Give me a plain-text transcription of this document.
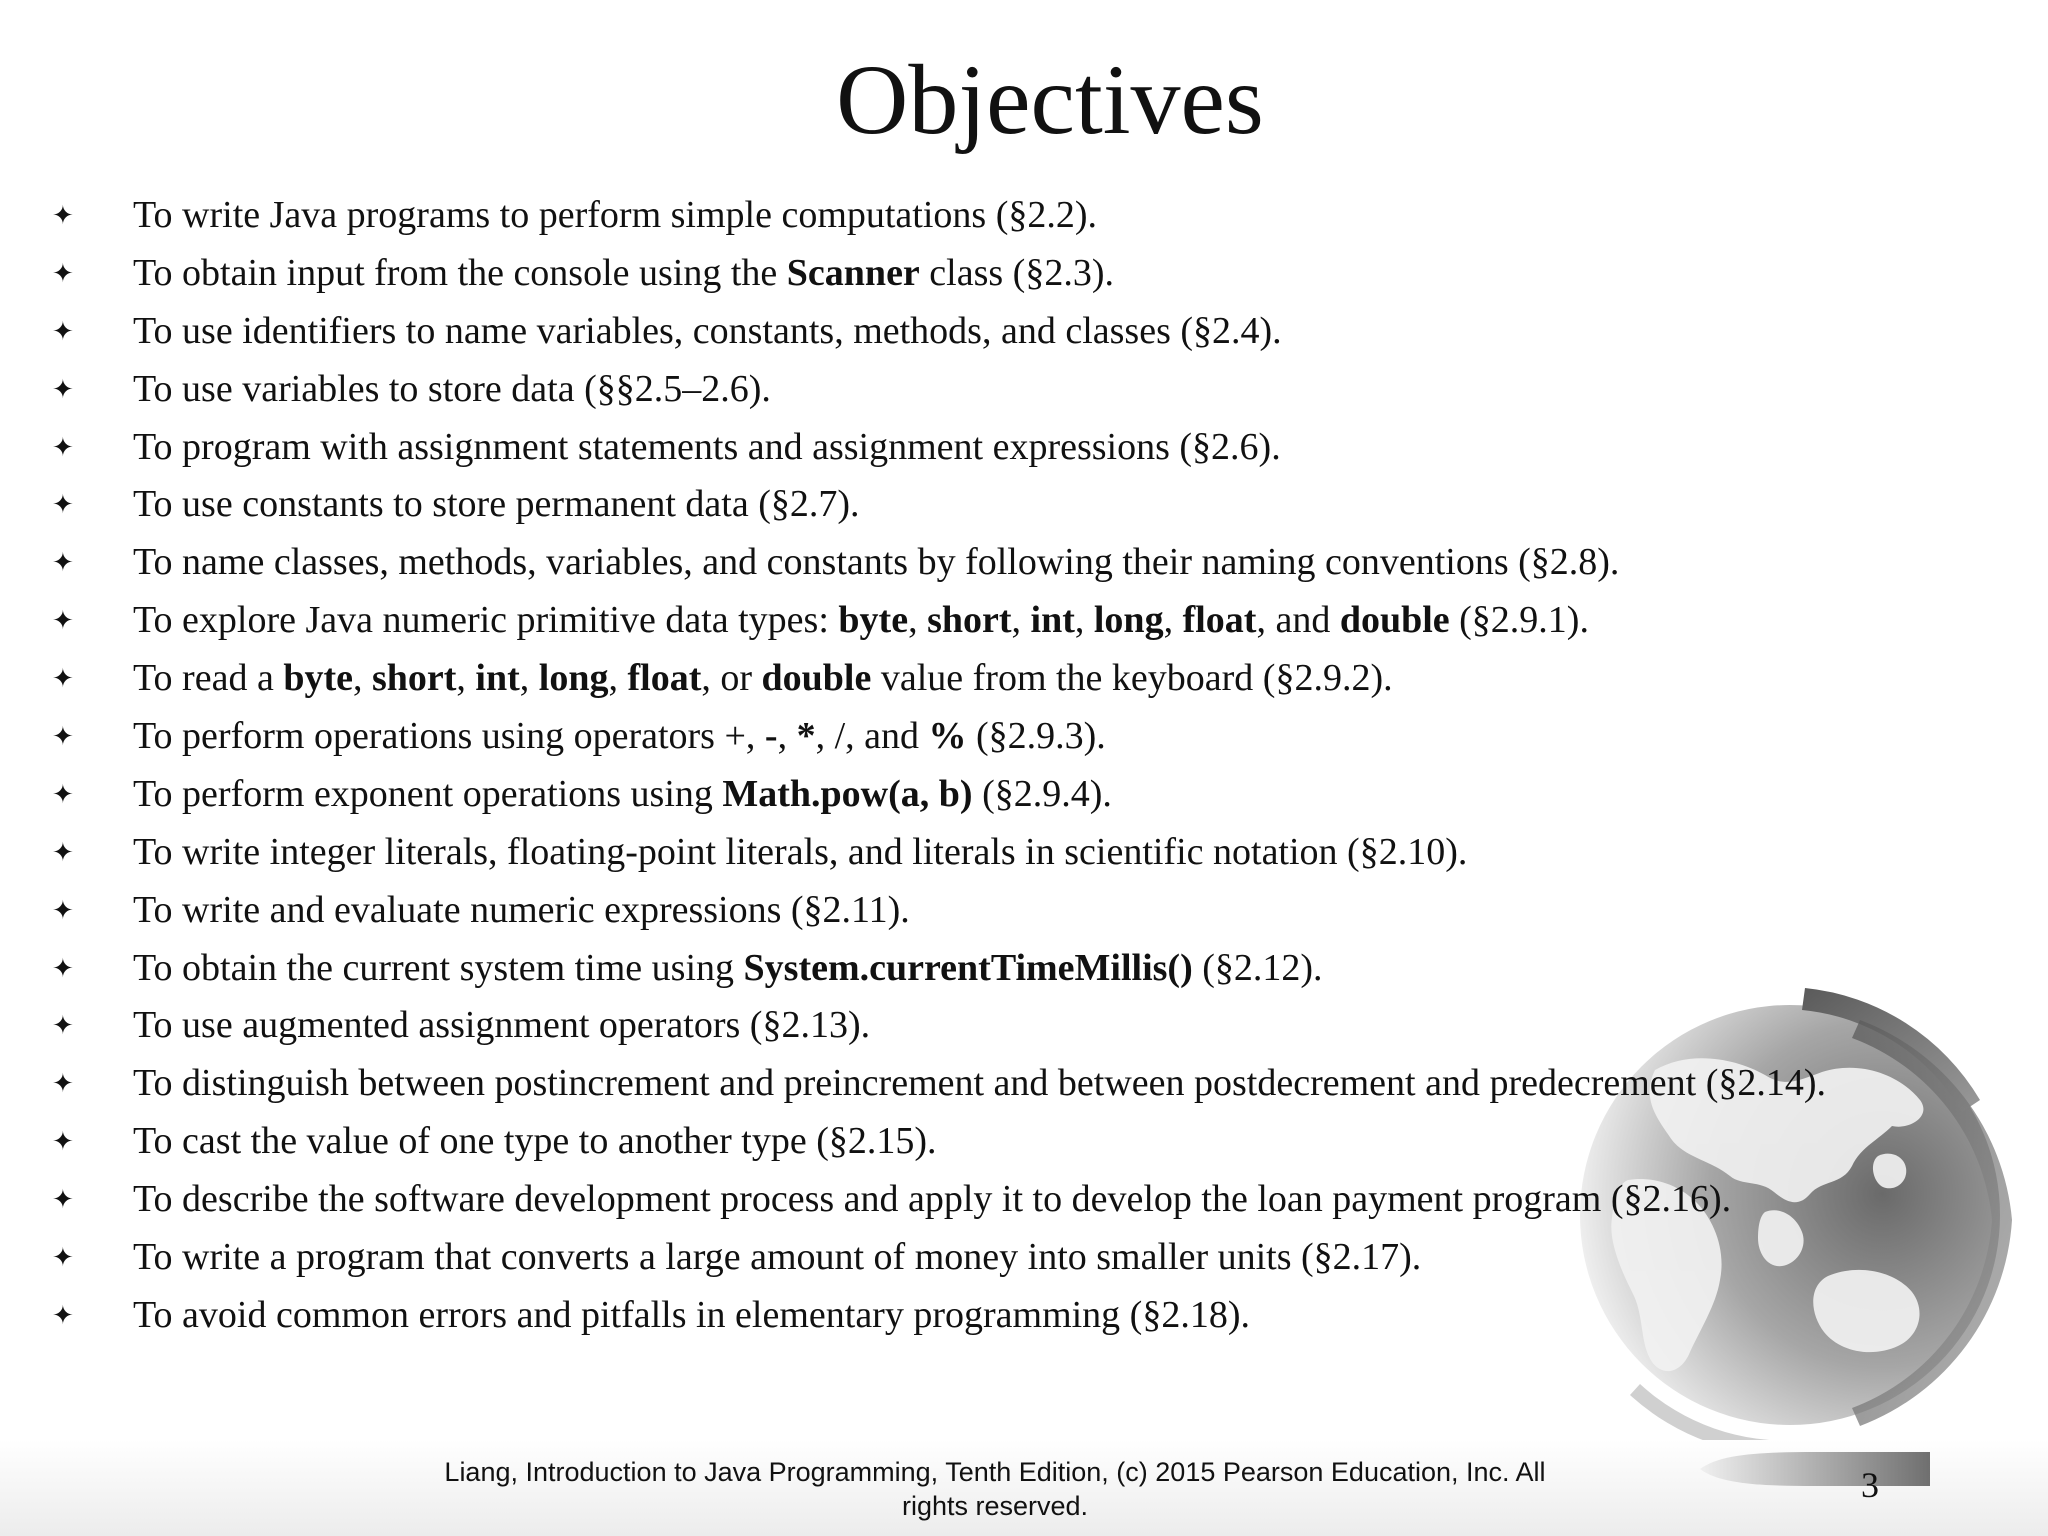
Objectives
✦ To write Java programs to perform simple computations (§2.2).
✦ To obtain input from the console using the Scanner class (§2.3).
✦ To use identifiers to name variables, constants, methods, and classes (§2.4).
✦ To use variables to store data (§§2.5–2.6).
✦ To program with assignment statements and assignment expressions (§2.6).
✦ To use constants to store permanent data (§2.7).
✦ To name classes, methods, variables, and constants by following their naming conventions (§2.8).
✦ To explore Java numeric primitive data types: byte, short, int, long, float, and double (§2.9.1).
✦ To read a byte, short, int, long, float, or double value from the keyboard (§2.9.2).
✦ To perform operations using operators +, -, *, /, and % (§2.9.3).
✦ To perform exponent operations using Math.pow(a, b) (§2.9.4).
✦ To write integer literals, floating-point literals, and literals in scientific notation (§2.10).
✦ To write and evaluate numeric expressions (§2.11).
✦ To obtain the current system time using System.currentTimeMillis() (§2.12).
✦ To use augmented assignment operators (§2.13).
✦ To distinguish between postincrement and preincrement and between postdecrement and predecrement (§2.14).
✦ To cast the value of one type to another type (§2.15).
✦ To describe the software development process and apply it to develop the loan payment program (§2.16).
✦ To write a program that converts a large amount of money into smaller units (§2.17).
✦ To avoid common errors and pitfalls in elementary programming (§2.18).
Liang, Introduction to Java Programming, Tenth Edition, (c) 2015 Pearson Education, Inc. All
rights reserved.
3
